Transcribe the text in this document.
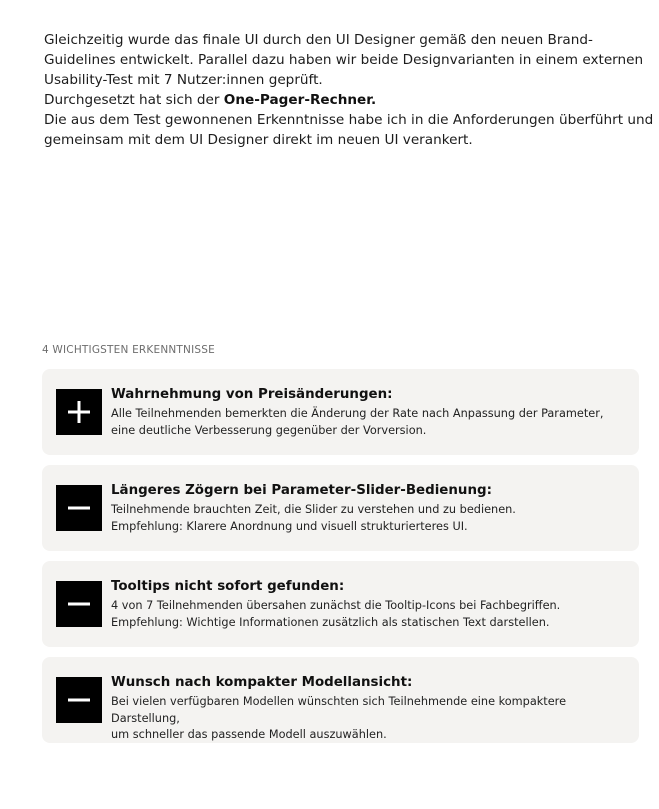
Gleichzeitig wurde das finale UI durch den UI Designer gemäß den neuen Brand-Guidelines entwickelt. Parallel dazu haben wir beide Designvarianten in einem externen Usability-Test mit 7 Nutzer:innen geprüft.

Durchgesetzt hat sich der One-Pager-Rechner.

Die aus dem Test gewonnenen Erkenntnisse habe ich in die Anforderungen überführt und gemeinsam mit dem UI Designer direkt im neuen UI verankert.

4 WICHTIGSTEN ERKENNTNISSE

Wahrnehmung von Preisänderungen:

Alle Teilnehmenden bemerkten die Änderung der Rate nach Anpassung der Parameter,
eine deutliche Verbesserung gegenüber der Vorversion.

Längeres Zögern bei Parameter-Slider-Bedienung:

Teilnehmende brauchten Zeit, die Slider zu verstehen und zu bedienen.
Empfehlung: Klarere Anordnung und visuell strukturierteres UI.

Tooltips nicht sofort gefunden:

4 von 7 Teilnehmenden übersahen zunächst die Tooltip-Icons bei Fachbegriffen.
Empfehlung: Wichtige Informationen zusätzlich als statischen Text darstellen.

Wunsch nach kompakter Modellansicht:

Bei vielen verfügbaren Modellen wünschten sich Teilnehmende eine kompaktere Darstellung,
um schneller das passende Modell auszuwählen.
